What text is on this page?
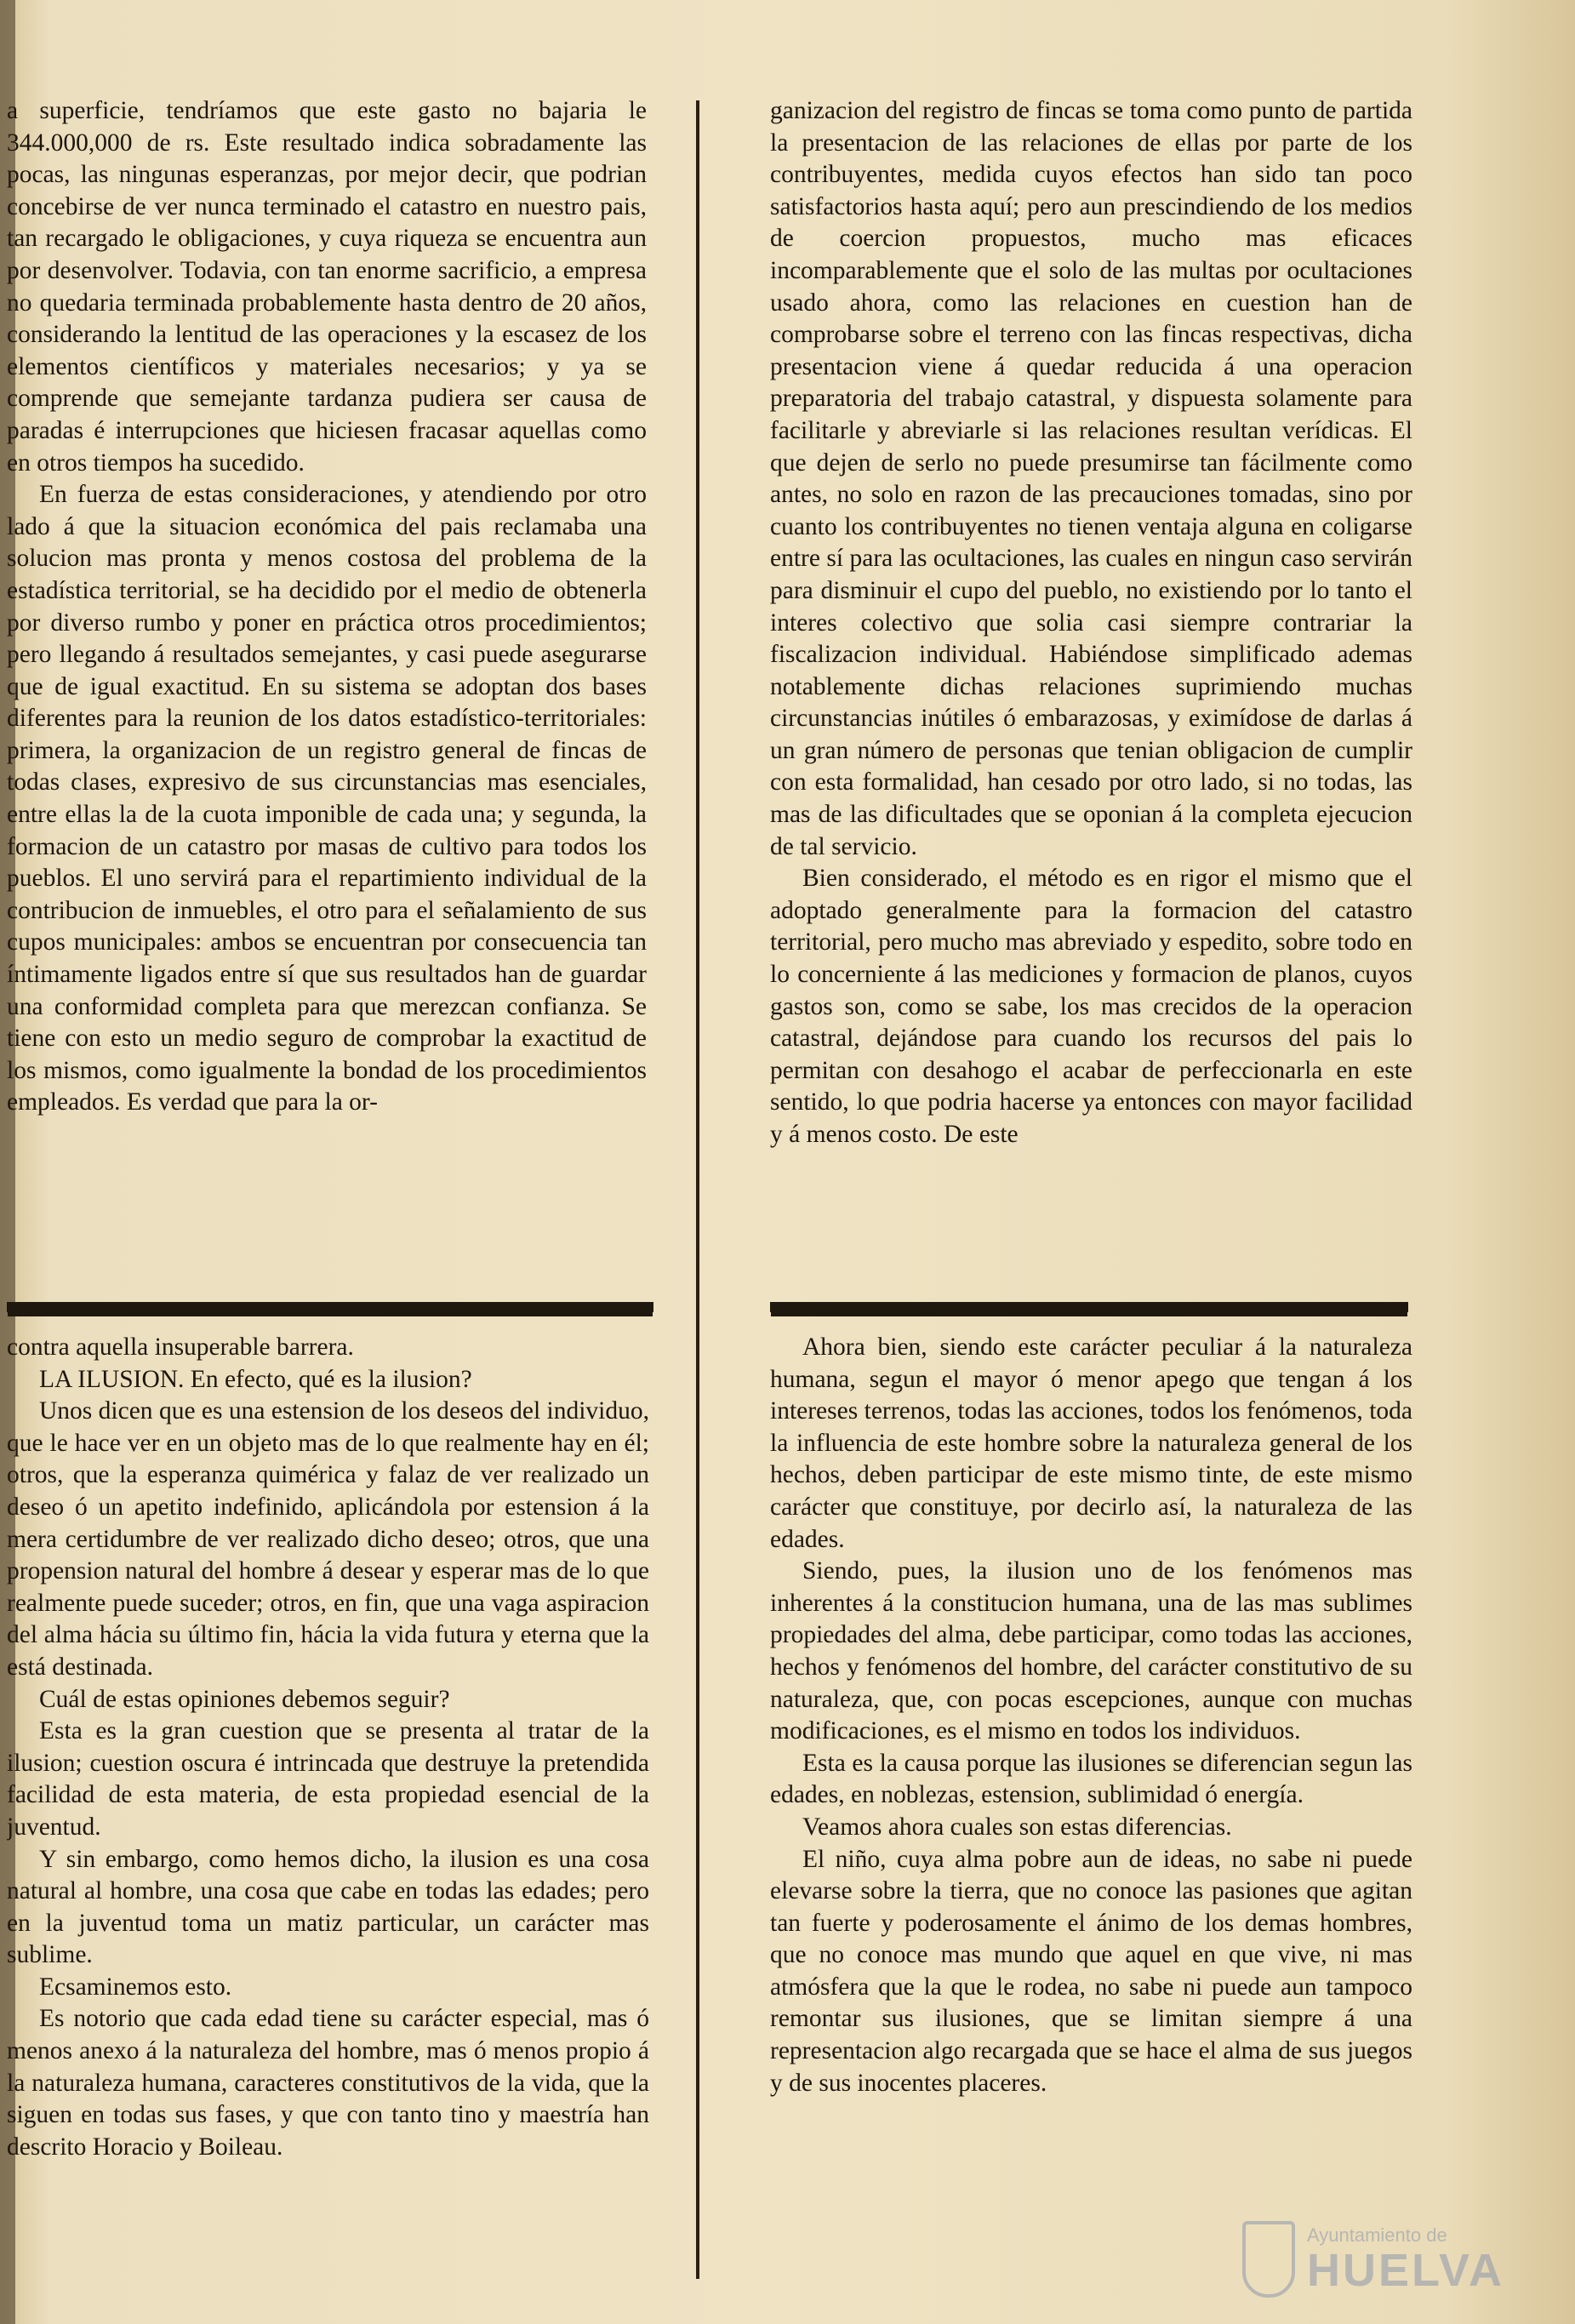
a superficie, tendríamos que este gasto no bajaria le 344.000,000 de rs. Este resultado indica sobradamente las pocas, las ningunas esperanzas, por mejor decir, que podrian concebirse de ver nunca terminado el catastro en nuestro pais, tan recargado le obligaciones, y cuya riqueza se encuentra aun por desenvolver. Todavia, con tan enorme sacrificio, a empresa no quedaria terminada probablemente hasta dentro de 20 años, considerando la lentitud de las operaciones y la escasez de los elementos científicos y materiales necesarios; y ya se comprende que semejante tardanza pudiera ser causa de paradas é interrupciones que hiciesen fracasar aquellas como en otros tiempos ha sucedido.

En fuerza de estas consideraciones, y atendiendo por otro lado á que la situacion económica del pais reclamaba una solucion mas pronta y menos costosa del problema de la estadística territorial, se ha decidido por el medio de obtenerla por diverso rumbo y poner en práctica otros procedimientos; pero llegando á resultados semejantes, y casi puede asegurarse que de igual exactitud. En su sistema se adoptan dos bases diferentes para la reunion de los datos estadístico-territoriales: primera, la organizacion de un registro general de fincas de todas clases, expresivo de sus circunstancias mas esenciales, entre ellas la de la cuota imponible de cada una; y segunda, la formacion de un catastro por masas de cultivo para todos los pueblos. El uno servirá para el repartimiento individual de la contribucion de inmuebles, el otro para el señalamiento de sus cupos municipales: ambos se encuentran por consecuencia tan íntimamente ligados entre sí que sus resultados han de guardar una conformidad completa para que merezcan confianza. Se tiene con esto un medio seguro de comprobar la exactitud de los mismos, como igualmente la bondad de los procedimientos empleados. Es verdad que para la or-

ganizacion del registro de fincas se toma como punto de partida la presentacion de las relaciones de ellas por parte de los contribuyentes, medida cuyos efectos han sido tan poco satisfactorios hasta aquí; pero aun prescindiendo de los medios de coercion propuestos, mucho mas eficaces incomparablemente que el solo de las multas por ocultaciones usado ahora, como las relaciones en cuestion han de comprobarse sobre el terreno con las fincas respectivas, dicha presentacion viene á quedar reducida á una operacion preparatoria del trabajo catastral, y dispuesta solamente para facilitarle y abreviarle si las relaciones resultan verídicas. El que dejen de serlo no puede presumirse tan fácilmente como antes, no solo en razon de las precauciones tomadas, sino por cuanto los contribuyentes no tienen ventaja alguna en coligarse entre sí para las ocultaciones, las cuales en ningun caso servirán para disminuir el cupo del pueblo, no existiendo por lo tanto el interes colectivo que solia casi siempre contrariar la fiscalizacion individual. Habiéndose simplificado ademas notablemente dichas relaciones suprimiendo muchas circunstancias inútiles ó embarazosas, y eximídose de darlas á un gran número de personas que tenian obligacion de cumplir con esta formalidad, han cesado por otro lado, si no todas, las mas de las dificultades que se oponian á la completa ejecucion de tal servicio.

Bien considerado, el método es en rigor el mismo que el adoptado generalmente para la formacion del catastro territorial, pero mucho mas abreviado y espedito, sobre todo en lo concerniente á las mediciones y formacion de planos, cuyos gastos son, como se sabe, los mas crecidos de la operacion catastral, dejándose para cuando los recursos del pais lo permitan con desahogo el acabar de perfeccionarla en este sentido, lo que podria hacerse ya entonces con mayor facilidad y á menos costo. De este

contra aquella insuperable barrera.

LA ILUSION. En efecto, qué es la ilusion?

Unos dicen que es una estension de los deseos del individuo, que le hace ver en un objeto mas de lo que realmente hay en él; otros, que la esperanza quimérica y falaz de ver realizado un deseo ó un apetito indefinido, aplicándola por estension á la mera certidumbre de ver realizado dicho deseo; otros, que una propension natural del hombre á desear y esperar mas de lo que realmente puede suceder; otros, en fin, que una vaga aspiracion del alma hácia su último fin, hácia la vida futura y eterna que la está destinada.

Cuál de estas opiniones debemos seguir?

Esta es la gran cuestion que se presenta al tratar de la ilusion; cuestion oscura é intrincada que destruye la pretendida facilidad de esta materia, de esta propiedad esencial de la juventud.

Y sin embargo, como hemos dicho, la ilusion es una cosa natural al hombre, una cosa que cabe en todas las edades; pero en la juventud toma un matiz particular, un carácter mas sublime.

Ecsaminemos esto.

Es notorio que cada edad tiene su carácter especial, mas ó menos anexo á la naturaleza del hombre, mas ó menos propio á la naturaleza humana, caracteres constitutivos de la vida, que la siguen en todas sus fases, y que con tanto tino y maestría han descrito Horacio y Boileau.

Ahora bien, siendo este carácter peculiar á la naturaleza humana, segun el mayor ó menor apego que tengan á los intereses terrenos, todas las acciones, todos los fenómenos, toda la influencia de este hombre sobre la naturaleza general de los hechos, deben participar de este mismo tinte, de este mismo carácter que constituye, por decirlo así, la naturaleza de las edades.

Siendo, pues, la ilusion uno de los fenómenos mas inherentes á la constitucion humana, una de las mas sublimes propiedades del alma, debe participar, como todas las acciones, hechos y fenómenos del hombre, del carácter constitutivo de su naturaleza, que, con pocas escepciones, aunque con muchas modificaciones, es el mismo en todos los individuos.

Esta es la causa porque las ilusiones se diferencian segun las edades, en noblezas, estension, sublimidad ó energía.

Veamos ahora cuales son estas diferencias.

El niño, cuya alma pobre aun de ideas, no sabe ni puede elevarse sobre la tierra, que no conoce las pasiones que agitan tan fuerte y poderosamente el ánimo de los demas hombres, que no conoce mas mundo que aquel en que vive, ni mas atmósfera que la que le rodea, no sabe ni puede aun tampoco remontar sus ilusiones, que se limitan siempre á una representacion algo recargada que se hace el alma de sus juegos y de sus inocentes placeres.

Ayuntamiento de
HUELVA
